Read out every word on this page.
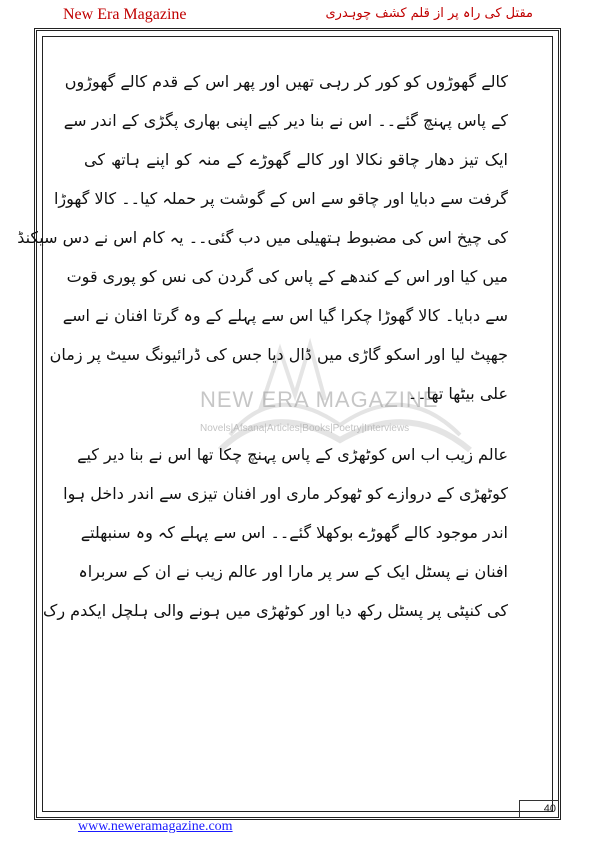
New Era Magazine	مقتل کی راہ پر از قلم کشف چوہدری
NEW ERA MAGAZINE
Novels|Afsana|Articles|Books|Poetry|Interviews
کالے گھوڑوں کو کور کر رہی تھیں اور پھر اس کے قدم کالے گھوڑوں
کے پاس پہنچ گئے۔۔ اس نے بنا دیر کیے اپنی بھاری پگڑی کے اندر سے
ایک تیز دھار چاقو نکالا اور کالے گھوڑے کے منہ کو اپنے ہاتھ کی
گرفت سے دبایا اور چاقو سے اس کے گوشت پر حملہ کیا۔۔ کالا گھوڑا
کی چیخ اس کی مضبوط ہتھیلی میں دب گئی۔۔ یہ کام اس نے دس سیکنڈ
میں کیا اور اس کے کندھے کے پاس کی گردن کی نس کو پوری قوت
سے دبایا۔ کالا گھوڑا چکرا گیا اس سے پہلے کے وہ گرتا افنان نے اسے
جھپٹ لیا اور اسکو گاڑی میں ڈال دیا جس کی ڈرائیونگ سیٹ پر زمان
علی بیٹھا تھا۔۔
عالم زیب اب اس کوٹھڑی کے پاس پہنچ چکا تھا اس نے بنا دیر کیے
کوٹھڑی کے دروازے کو ٹھوکر ماری اور افنان تیزی سے اندر داخل ہوا
اندر موجود کالے گھوڑے بوکھلا گئے۔۔ اس سے پہلے کہ وہ سنبھلتے
افنان نے پسٹل ایک کے سر پر مارا اور عالم زیب نے ان کے سربراہ
کی کنپٹی پر پسٹل رکھ دیا اور کوٹھڑی میں ہونے والی ہلچل ایکدم رک
40
www.neweramagazine.com
